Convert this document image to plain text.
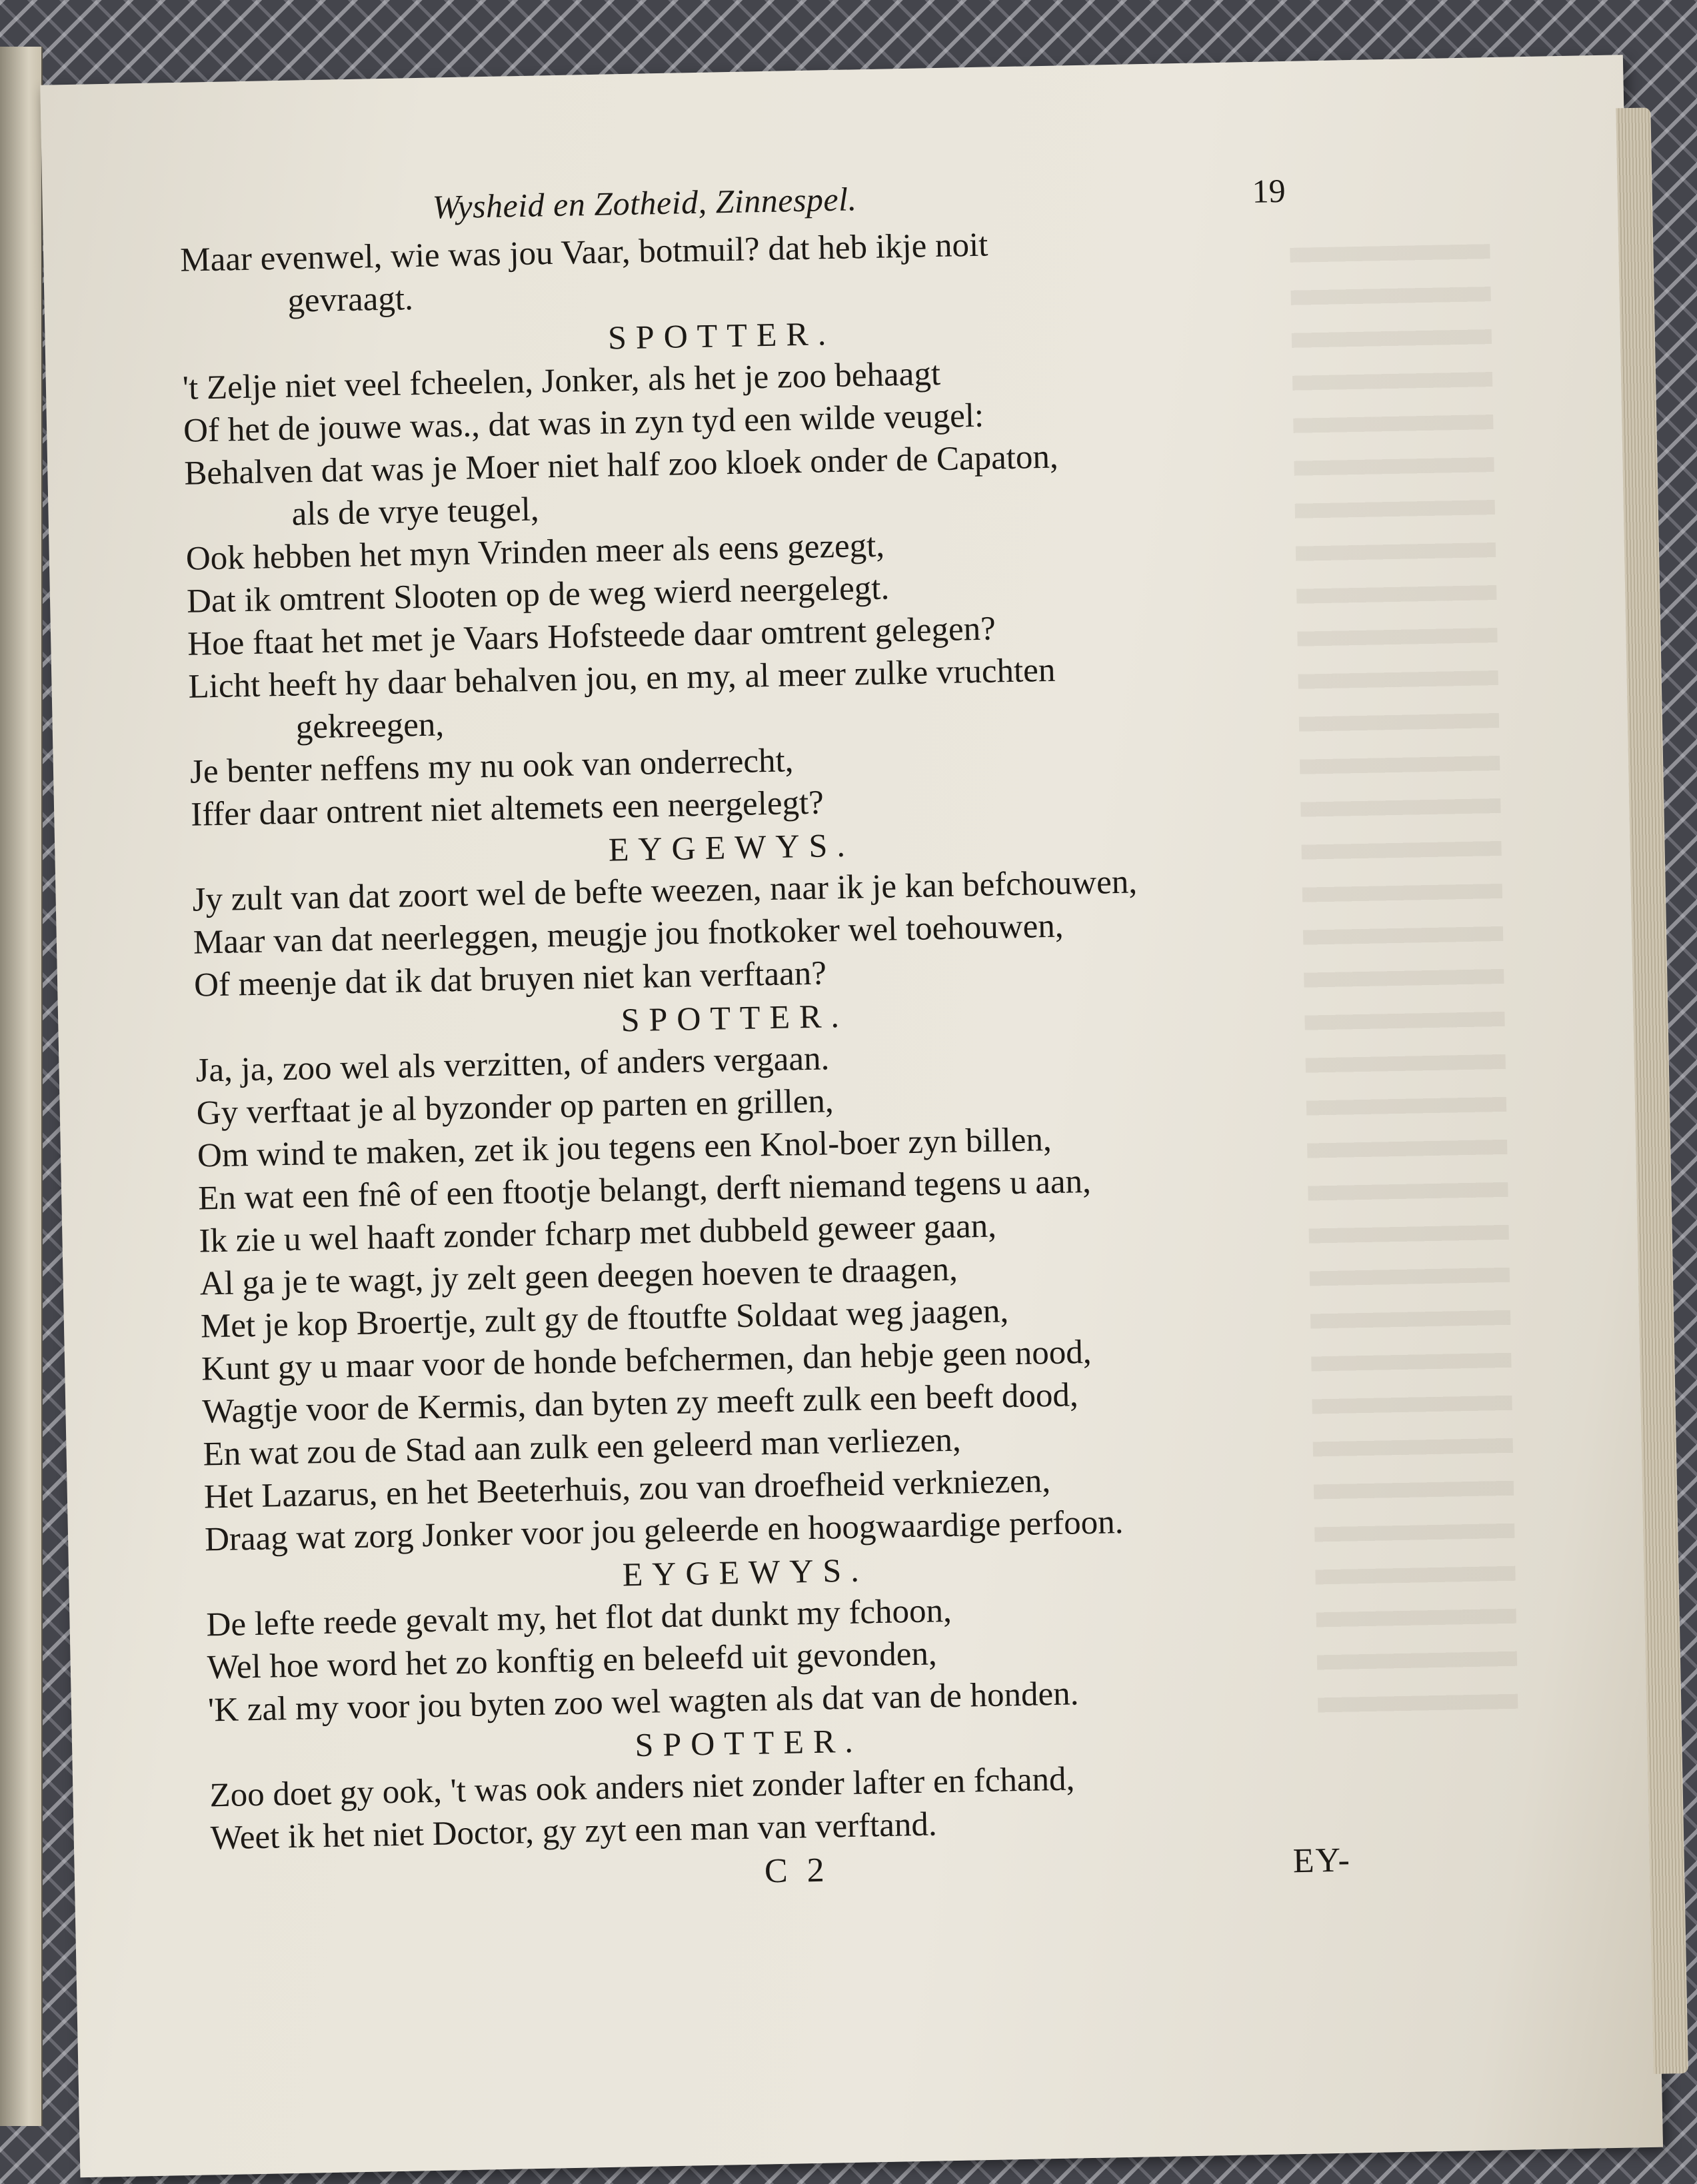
Wysheid en Zotheid, Zinnespel.	19
Maar evenwel, wie was jou Vaar, botmuil? dat heb ikje noit
gevraagt.
SPOTTER.
't Zelje niet veel fcheelen, Jonker, als het je zoo behaagt
Of het de jouwe was., dat was in zyn tyd een wilde veugel:
Behalven dat was je Moer niet half zoo kloek onder de Capaton,
als de vrye teugel,
Ook hebben het myn Vrinden meer als eens gezegt,
Dat ik omtrent Slooten op de weg wierd neergelegt.
Hoe ftaat het met je Vaars Hofsteede daar omtrent gelegen?
Licht heeft hy daar behalven jou, en my, al meer zulke vruchten
gekreegen,
Je benter neffens my nu ook van onderrecht,
Iffer daar ontrent niet altemets een neergelegt?
EYGEWYS.
Jy zult van dat zoort wel de befte weezen, naar ik je kan befchouwen,
Maar van dat neerleggen, meugje jou fnotkoker wel toehouwen,
Of meenje dat ik dat bruyen niet kan verftaan?
SPOTTER.
Ja, ja, zoo wel als verzitten, of anders vergaan.
Gy verftaat je al byzonder op parten en grillen,
Om wind te maken, zet ik jou tegens een Knol-boer zyn billen,
En wat een fnê of een ftootje belangt, derft niemand tegens u aan,
Ik zie u wel haaft zonder fcharp met dubbeld geweer gaan,
Al ga je te wagt, jy zelt geen deegen hoeven te draagen,
Met je kop Broertje, zult gy de ftoutfte Soldaat weg jaagen,
Kunt gy u maar voor de honde befchermen, dan hebje geen nood,
Wagtje voor de Kermis, dan byten zy meeft zulk een beeft dood,
En wat zou de Stad aan zulk een geleerd man verliezen,
Het Lazarus, en het Beeterhuis, zou van droefheid verkniezen,
Draag wat zorg Jonker voor jou geleerde en hoogwaardige perfoon.
EYGEWYS.
De lefte reede gevalt my, het flot dat dunkt my fchoon,
Wel hoe word het zo konftig en beleefd uit gevonden,
'K zal my voor jou byten zoo wel wagten als dat van de honden.
SPOTTER.
Zoo doet gy ook, 't was ook anders niet zonder lafter en fchand,
Weet ik het niet Doctor, gy zyt een man van verftand.
C 2	EY-
